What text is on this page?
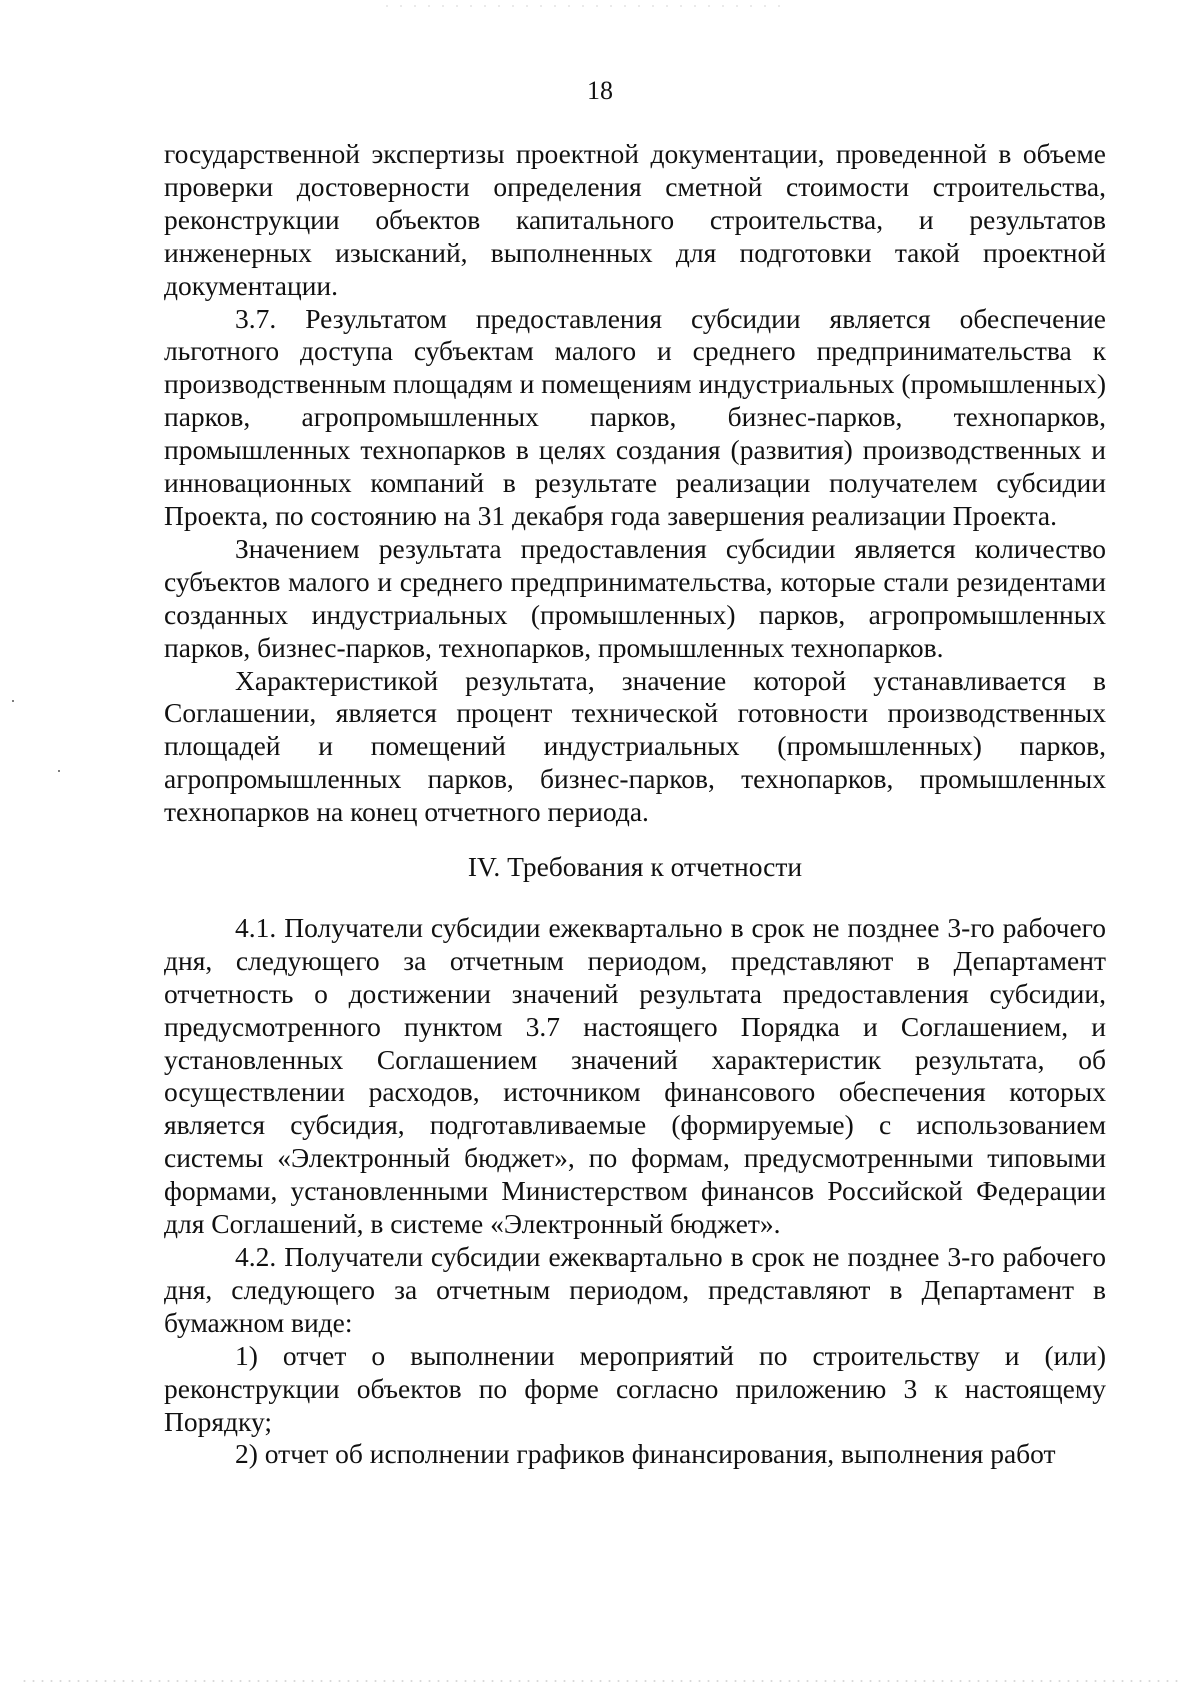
18

государственной экспертизы проектной документации, проведенной в объеме проверки достоверности определения сметной стоимости строительства, реконструкции объектов капитального строительства, и результатов инженерных изысканий, выполненных для подготовки такой проектной документации.

3.7. Результатом предоставления субсидии является обеспечение льготного доступа субъектам малого и среднего предпринимательства к производственным площадям и помещениям индустриальных (промышленных) парков, агропромышленных парков, бизнес-парков, технопарков, промышленных технопарков в целях создания (развития) производственных и инновационных компаний в результате реализации получателем субсидии Проекта, по состоянию на 31 декабря года завершения реализации Проекта.

Значением результата предоставления субсидии является количество субъектов малого и среднего предпринимательства, которые стали резидентами созданных индустриальных (промышленных) парков, агропромышленных парков, бизнес-парков, технопарков, промышленных технопарков.

Характеристикой результата, значение которой устанавливается в Соглашении, является процент технической готовности производственных площадей и помещений индустриальных (промышленных) парков, агропромышленных парков, бизнес-парков, технопарков, промышленных технопарков на конец отчетного периода.

IV. Требования к отчетности

4.1. Получатели субсидии ежеквартально в срок не позднее 3-го рабочего дня, следующего за отчетным периодом, представляют в Департамент отчетность о достижении значений результата предоставления субсидии, предусмотренного пунктом 3.7 настоящего Порядка и Соглашением, и установленных Соглашением значений характеристик результата, об осуществлении расходов, источником финансового обеспечения которых является субсидия, подготавливаемые (формируемые) с использованием системы «Электронный бюджет», по формам, предусмотренными типовыми формами, установленными Министерством финансов Российской Федерации для Соглашений, в системе «Электронный бюджет».

4.2. Получатели субсидии ежеквартально в срок не позднее 3-го рабочего дня, следующего за отчетным периодом, представляют в Департамент в бумажном виде:

1) отчет о выполнении мероприятий по строительству и (или) реконструкции объектов по форме согласно приложению 3 к настоящему Порядку;

2) отчет об исполнении графиков финансирования, выполнения работ
